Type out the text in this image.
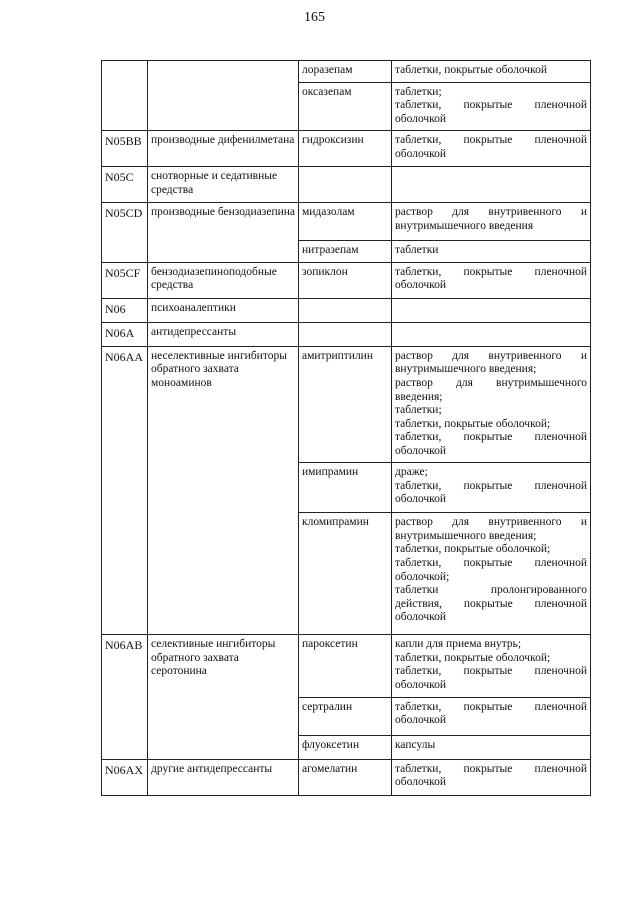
165
		лоразепам	таблетки, покрытые оболочкой

		оксазепам	таблетки;
таблетки, покрытые пленочной оболочкой

N05BB	производные дифенилметана	гидроксизин	таблетки, покрытые пленочной оболочкой

N05C	снотворные и седативные средства		
N05CD	производные бензодиазепина	мидазолам	раствор для внутривенного и внутримышечного введения

		нитразепам	таблетки

N05CF	бензодиазепиноподобные средства	зопиклон	таблетки, покрытые пленочной оболочкой

N06	психоаналептики		
N06A	антидепрессанты		
N06AA	неселективные ингибиторы обратного захвата моноаминов	амитриптилин	раствор для внутривенного и внутримышечного введения;
раствор для внутримышечного введения;
таблетки;
таблетки, покрытые оболочкой;
таблетки, покрытые пленочной оболочкой

		имипрамин	драже;
таблетки, покрытые пленочной оболочкой

		кломипрамин	раствор для внутривенного и внутримышечного введения;
таблетки, покрытые оболочкой;
таблетки, покрытые пленочной оболочкой;
таблетки пролонгированного действия, покрытые пленочной оболочкой

N06AB	селективные ингибиторы обратного захвата серотонина	пароксетин	капли для приема внутрь;
таблетки, покрытые оболочкой;
таблетки, покрытые пленочной оболочкой

		сертралин	таблетки, покрытые пленочной оболочкой

		флуоксетин	капсулы

N06AX	другие антидепрессанты	агомелатин	таблетки, покрытые пленочной оболочкой
